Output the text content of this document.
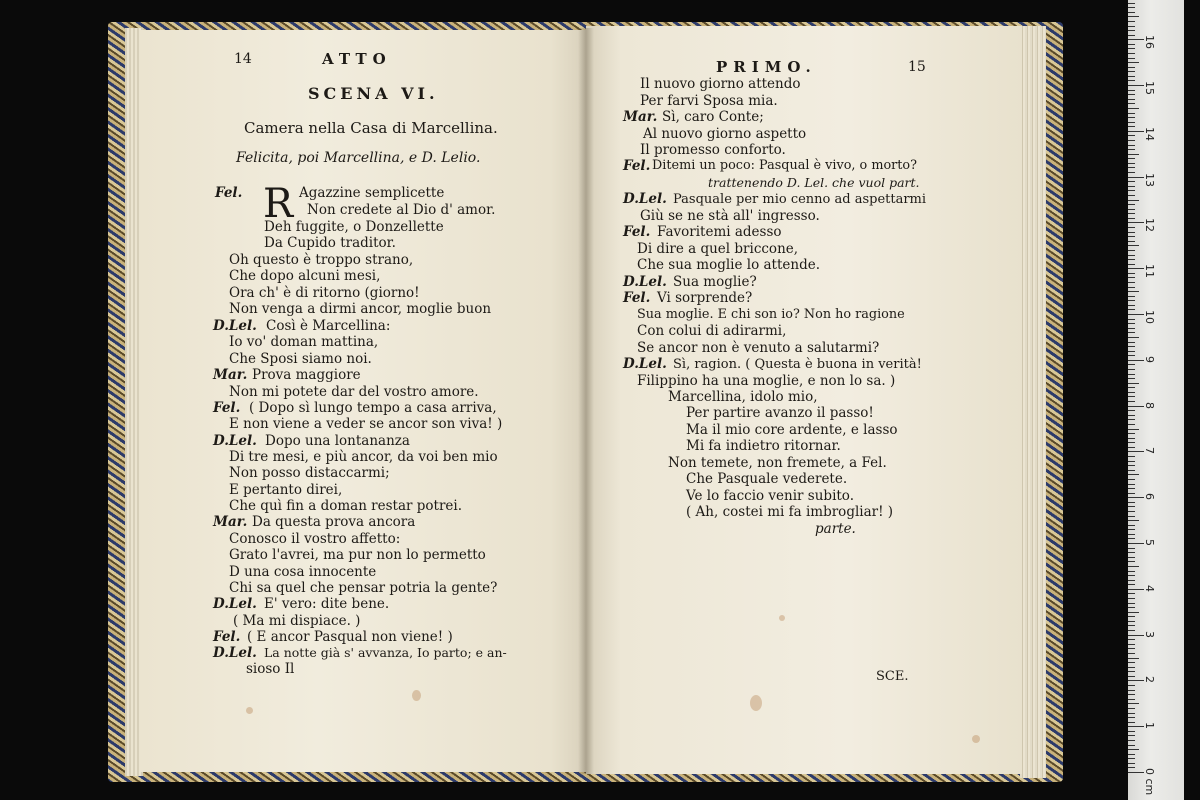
14	ATTO
SCENA VI.
Camera nella Casa di Marcellina.
Felicita, poi Marcellina, e D. Lelio.
Fel. R Agazzine semplicette
Non credete al Dio d' amor.
Deh fuggite, o Donzellette
Da Cupido traditor.
Oh questo è troppo strano,
Che dopo alcuni mesi,
Ora ch' è di ritorno (giorno!
Non venga a dirmi ancor, moglie buon
D.Lel. Così è Marcellina:
Io vo' doman mattina,
Che Sposi siamo noi.
Mar. Prova maggiore
Non mi potete dar del vostro amore.
Fel. ( Dopo sì lungo tempo a casa arriva,
E non viene a veder se ancor son viva! )
D.Lel. Dopo una lontananza
Di tre mesi, e più ancor, da voi ben mio
Non posso distaccarmi;
E pertanto direi,
Che quì fin a doman restar potrei.
Mar. Da questa prova ancora
Conosco il vostro affetto:
Grato l'avrei, ma pur non lo permetto
D una cosa innocente
Chi sa quel che pensar potria la gente?
D.Lel. E' vero: dite bene.
( Ma mi dispiace. )
Fel. ( E ancor Pasqual non viene! )
D.Lel. La notte già s' avvanza, Io parto; e an-
sioso Il
PRIMO.	15
Il nuovo giorno attendo
Per farvi Sposa mia.
Mar. Sì, caro Conte;
Al nuovo giorno aspetto
Il promesso conforto.
Fel. Ditemi un poco: Pasqual è vivo, o morto?
trattenendo D. Lel. che vuol part.
D.Lel. Pasquale per mio cenno ad aspettarmi
Giù se ne stà all' ingresso.
Fel. Favoritemi adesso
Di dire a quel briccone,
Che sua moglie lo attende.
D.Lel. Sua moglie?
Fel. Vi sorprende?
Sua moglie. E chi son io? Non ho ragione
Con colui di adirarmi,
Se ancor non è venuto a salutarmi?
D.Lel. Sì, ragion. ( Questa è buona in verità!
Filippino ha una moglie, e non lo sa. )
Marcellina, idolo mio,
Per partire avanzo il passo!
Ma il mio core ardente, e lasso
Mi fa indietro ritornar.
Non temete, non fremete, a Fel.
Che Pasquale vederete.
Ve lo faccio venir subito.
( Ah, costei mi fa imbrogliar! )
parte.
SCE.
0 cm
1
2
3
4
5
6
7
8
9
10
11
12
13
14
15
16
